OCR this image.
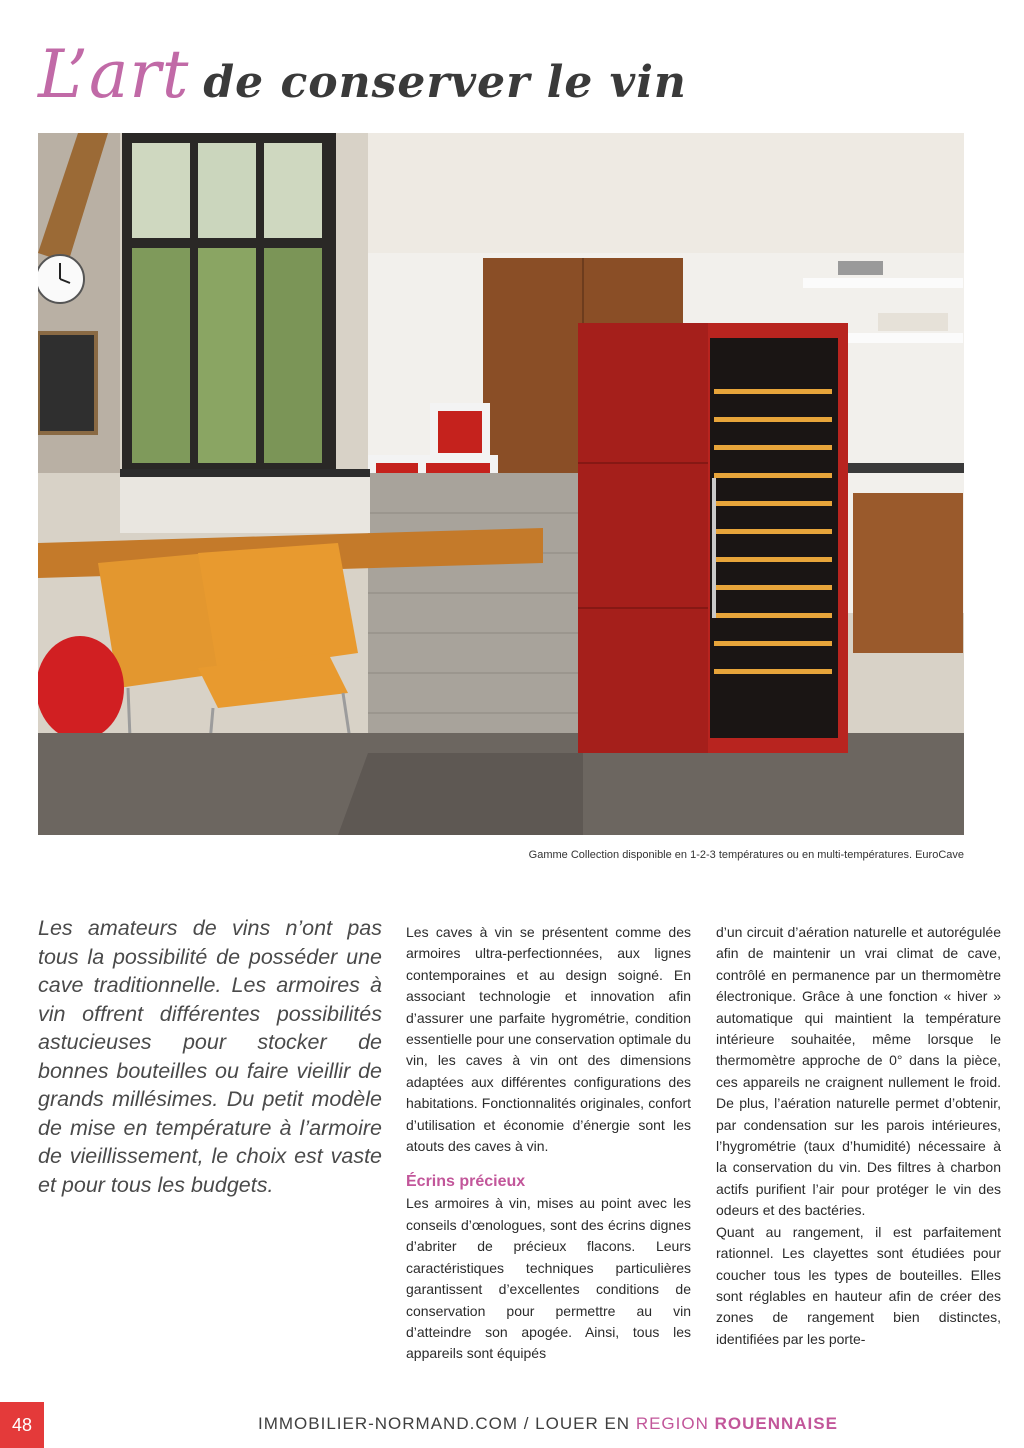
L’art de conserver le vin
Gamme Collection disponible en 1-2-3 températures ou en multi-températures. EuroCave

Les amateurs de vins n’ont pas tous la possibilité de posséder une cave traditionnelle. Les armoires à vin offrent différentes possibilités astucieuses pour stocker de bonnes bouteilles ou faire vieillir de grands millésimes. Du petit modèle de mise en température à l’armoire de vieillissement, le choix est vaste et pour tous les budgets.

Les caves à vin se présentent comme des armoires ultra-perfectionnées, aux lignes contemporaines et au design soigné. En associant technologie et innovation afin d’assurer une parfaite hygrométrie, condition essentielle pour une conservation optimale du vin, les caves à vin ont des dimensions adaptées aux différentes configurations des habitations. Fonctionnalités originales, confort d’utilisation et économie d’énergie sont les atouts des caves à vin.

Écrins précieux

Les armoires à vin, mises au point avec les conseils d’œnologues, sont des écrins dignes d’abriter de précieux flacons. Leurs caractéristiques techniques particulières garantissent d’excellentes conditions de conservation pour permettre au vin d’atteindre son apogée. Ainsi, tous les appareils sont équipés

d’un circuit d’aération naturelle et autorégulée afin de maintenir un vrai climat de cave, contrôlé en permanence par un thermomètre électronique. Grâce à une fonction « hiver » automatique qui maintient la température intérieure souhaitée, même lorsque le thermomètre approche de 0° dans la pièce, ces appareils ne craignent nullement le froid. De plus, l’aération naturelle permet d’obtenir, par condensation sur les parois intérieures, l’hygrométrie (taux d’humidité) nécessaire à la conservation du vin. Des filtres à charbon actifs purifient l’air pour protéger le vin des odeurs et des bactéries.

Quant au rangement, il est parfaitement rationnel. Les clayettes sont étudiées pour coucher tous les types de bouteilles. Elles sont réglables en hauteur afin de créer des zones de rangement bien distinctes, identifiées par les porte-

48	IMMOBILIER-NORMAND.COM / LOUER EN REGION ROUENNAISE
